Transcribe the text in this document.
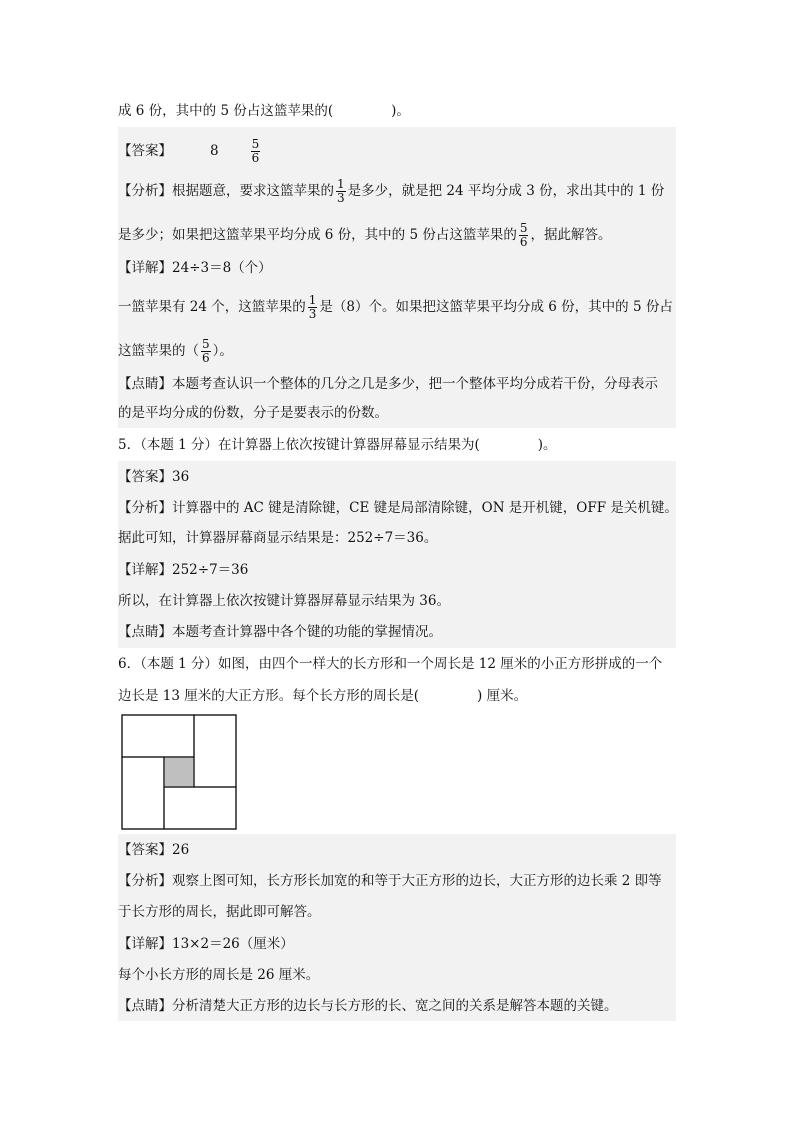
成 6 份，其中的 5 份占这篮苹果的(	)。
【答案】	8	$\frac{5}{6}$
【分析】根据题意，要求这篮苹果的 $\frac{1}{3}$ 是多少，就是把 24 平均分成 3 份，求出其中的 1 份
是多少；如果把这篮苹果平均分成 6 份，其中的 5 份占这篮苹果的 $\frac{5}{6}$ ，据此解答。
【详解】24÷3＝8（个）
一篮苹果有 24 个，这篮苹果的 $\frac{1}{3}$ 是（8）个。如果把这篮苹果平均分成 6 份，其中的 5 份占
这篮苹果的（ $\frac{5}{6}$ ）。
【点睛】本题考查认识一个整体的几分之几是多少，把一个整体平均分成若干份，分母表示
的是平均分成的份数，分子是要表示的份数。
5．（本题 1 分）在计算器上依次按键计算器屏幕显示结果为(	)。
【答案】36
【分析】计算器中的 AC 键是清除键，CE 键是局部清除键，ON 是开机键，OFF 是关机键。
据此可知，计算器屏幕商显示结果是：252÷7＝36。
【详解】252÷7＝36
所以，在计算器上依次按键计算器屏幕显示结果为 36。
【点睛】本题考查计算器中各个键的功能的掌握情况。
6．（本题 1 分）如图，由四个一样大的长方形和一个周长是 12 厘米的小正方形拼成的一个
边长是 13 厘米的大正方形。每个长方形的周长是(	) 厘米。
【答案】26
【分析】观察上图可知，长方形长加宽的和等于大正方形的边长，大正方形的边长乘 2 即等
于长方形的周长，据此即可解答。
【详解】13×2＝26（厘米）
每个小长方形的周长是 26 厘米。
【点睛】分析清楚大正方形的边长与长方形的长、宽之间的关系是解答本题的关键。
